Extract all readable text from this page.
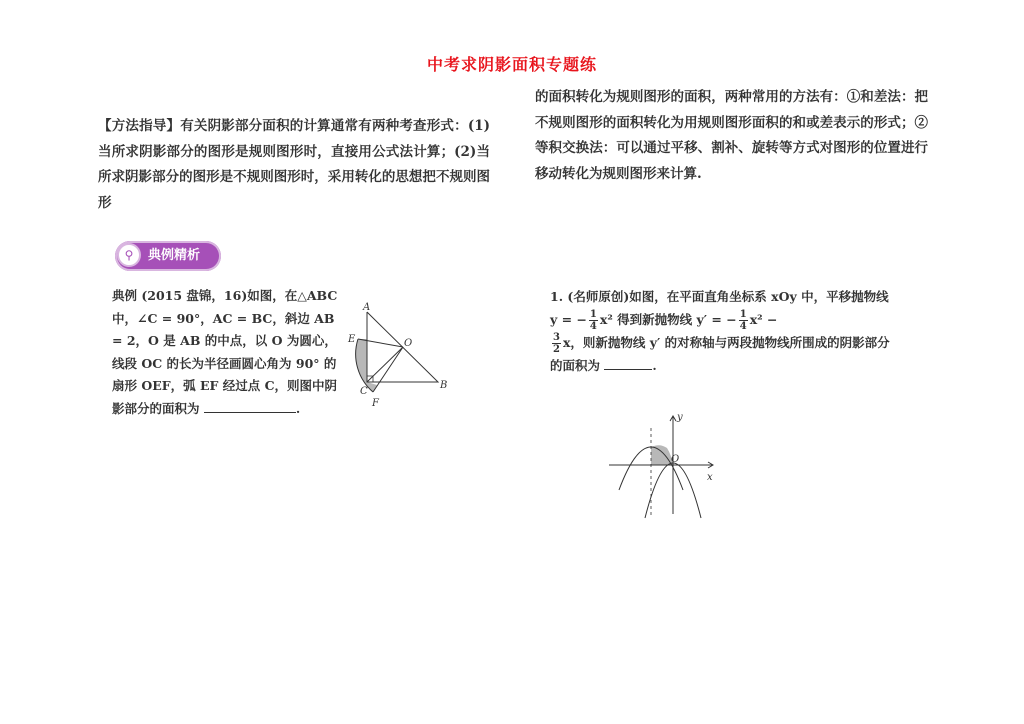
中考求阴影面积专题练
【方法指导】有关阴影部分面积的计算通常有两种考查形式：(1)当所求阴影部分的图形是规则图形时，直接用公式法计算；(2)当所求阴影部分的图形是不规则图形时，采用转化的思想把不规则图形
的面积转化为规则图形的面积，两种常用的方法有：①和差法：把不规则图形的面积转化为用规则图形面积的和或差表示的形式；②等积交换法：可以通过平移、割补、旋转等方式对图形的位置进行移动转化为规则图形来计算.
⚲	典例精析

典例 (2015 盘锦，16)如图，在△ABC 中，∠C = 90°，AC = BC，斜边 AB = 2，O 是 AB 的中点，以 O 为圆心，线段 OC 的长为半径画圆心角为 90° 的扇形 OEF，弧 EF 经过点 C，则图中阴影部分的面积为	.

A
B
C
E
F
O

1. (名师原创)如图，在平面直角坐标系 xOy 中，平移抛物线 y = − $\frac{1}{4} x^2$ 得到新抛物线 y′ = − $\frac{1}{4} x^2$ −

$\frac{3}{2}$ x，则新抛物线 y′ 的对称轴与两段抛物线所围成的阴影部分的面积为	.

y
x
O
